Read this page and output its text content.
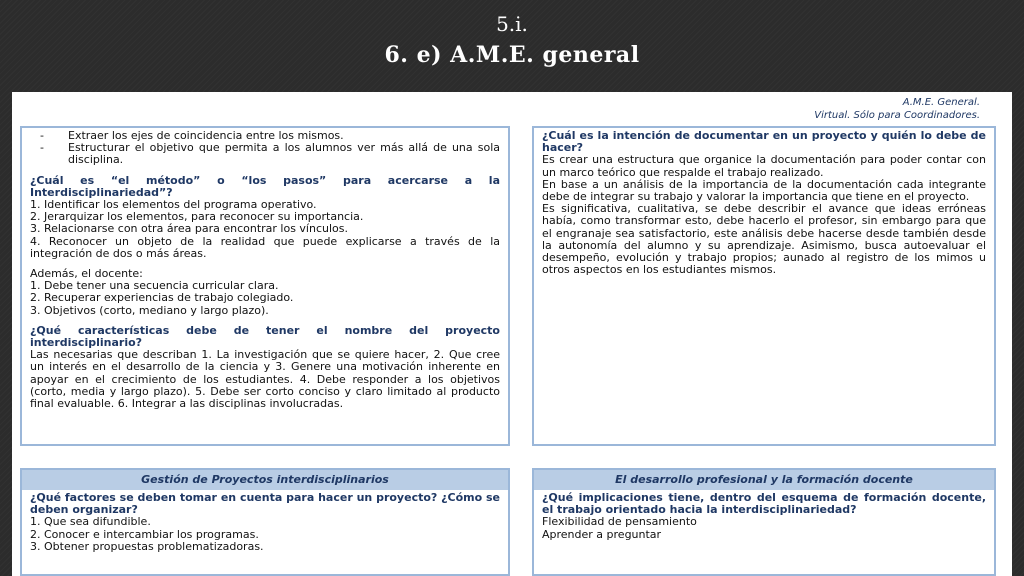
5.i.
6. e) A.M.E. general
A.M.E. General.
Virtual. Sólo para Coordinadores.
- Extraer los ejes de coincidencia entre los mismos.
- Estructurar el objetivo que permita a los alumnos ver más allá de una sola disciplina.

¿Cuál es “el método” o “los pasos” para acercarse a la Interdisciplinariedad”?

1. Identificar los elementos del programa operativo.

2. Jerarquizar los elementos, para reconocer su importancia.

3. Relacionarse con otra área para encontrar los vínculos.

4. Reconocer un objeto de la realidad que puede explicarse a través de la integración de dos o más áreas.

Además, el docente:

1. Debe tener una secuencia curricular clara.

2. Recuperar experiencias de trabajo colegiado.

3. Objetivos (corto, mediano y largo plazo).

¿Qué características debe de tener el nombre del proyecto interdisciplinario?

Las necesarias que describan 1. La investigación que se quiere hacer, 2. Que cree un interés en el desarrollo de la ciencia y 3. Genere una motivación inherente en apoyar en el crecimiento de los estudiantes. 4. Debe responder a los objetivos (corto, media y largo plazo). 5. Debe ser corto conciso y claro limitado al producto final evaluable. 6. Integrar a las disciplinas involucradas.

¿Cuál es la intención de documentar en un proyecto y quién lo debe de hacer?

Es crear una estructura que organice la documentación para poder contar con un marco teórico que respalde el trabajo realizado.

En base a un análisis de la importancia de la documentación cada integrante debe de integrar su trabajo y valorar la importancia que tiene en el proyecto.

Es significativa, cualitativa, se debe describir el avance que ideas erróneas había, como transformar esto, debe hacerlo el profesor, sin embargo para que el engranaje sea satisfactorio, este análisis debe hacerse desde también desde la autonomía del alumno y su aprendizaje. Asimismo, busca autoevaluar el desempeño, evolución y trabajo propios; aunado al registro de los mimos u otros aspectos en los estudiantes mismos.

Gestión de Proyectos interdisciplinarios

¿Qué factores se deben tomar en cuenta para hacer un proyecto? ¿Cómo se deben organizar?

1. Que sea difundible.

2. Conocer e intercambiar los programas.

3. Obtener propuestas problematizadoras.

El desarrollo profesional y la formación docente

¿Qué implicaciones tiene, dentro del esquema de formación docente, el trabajo orientado hacia la interdisciplinariedad?

Flexibilidad de pensamiento

Aprender a preguntar
